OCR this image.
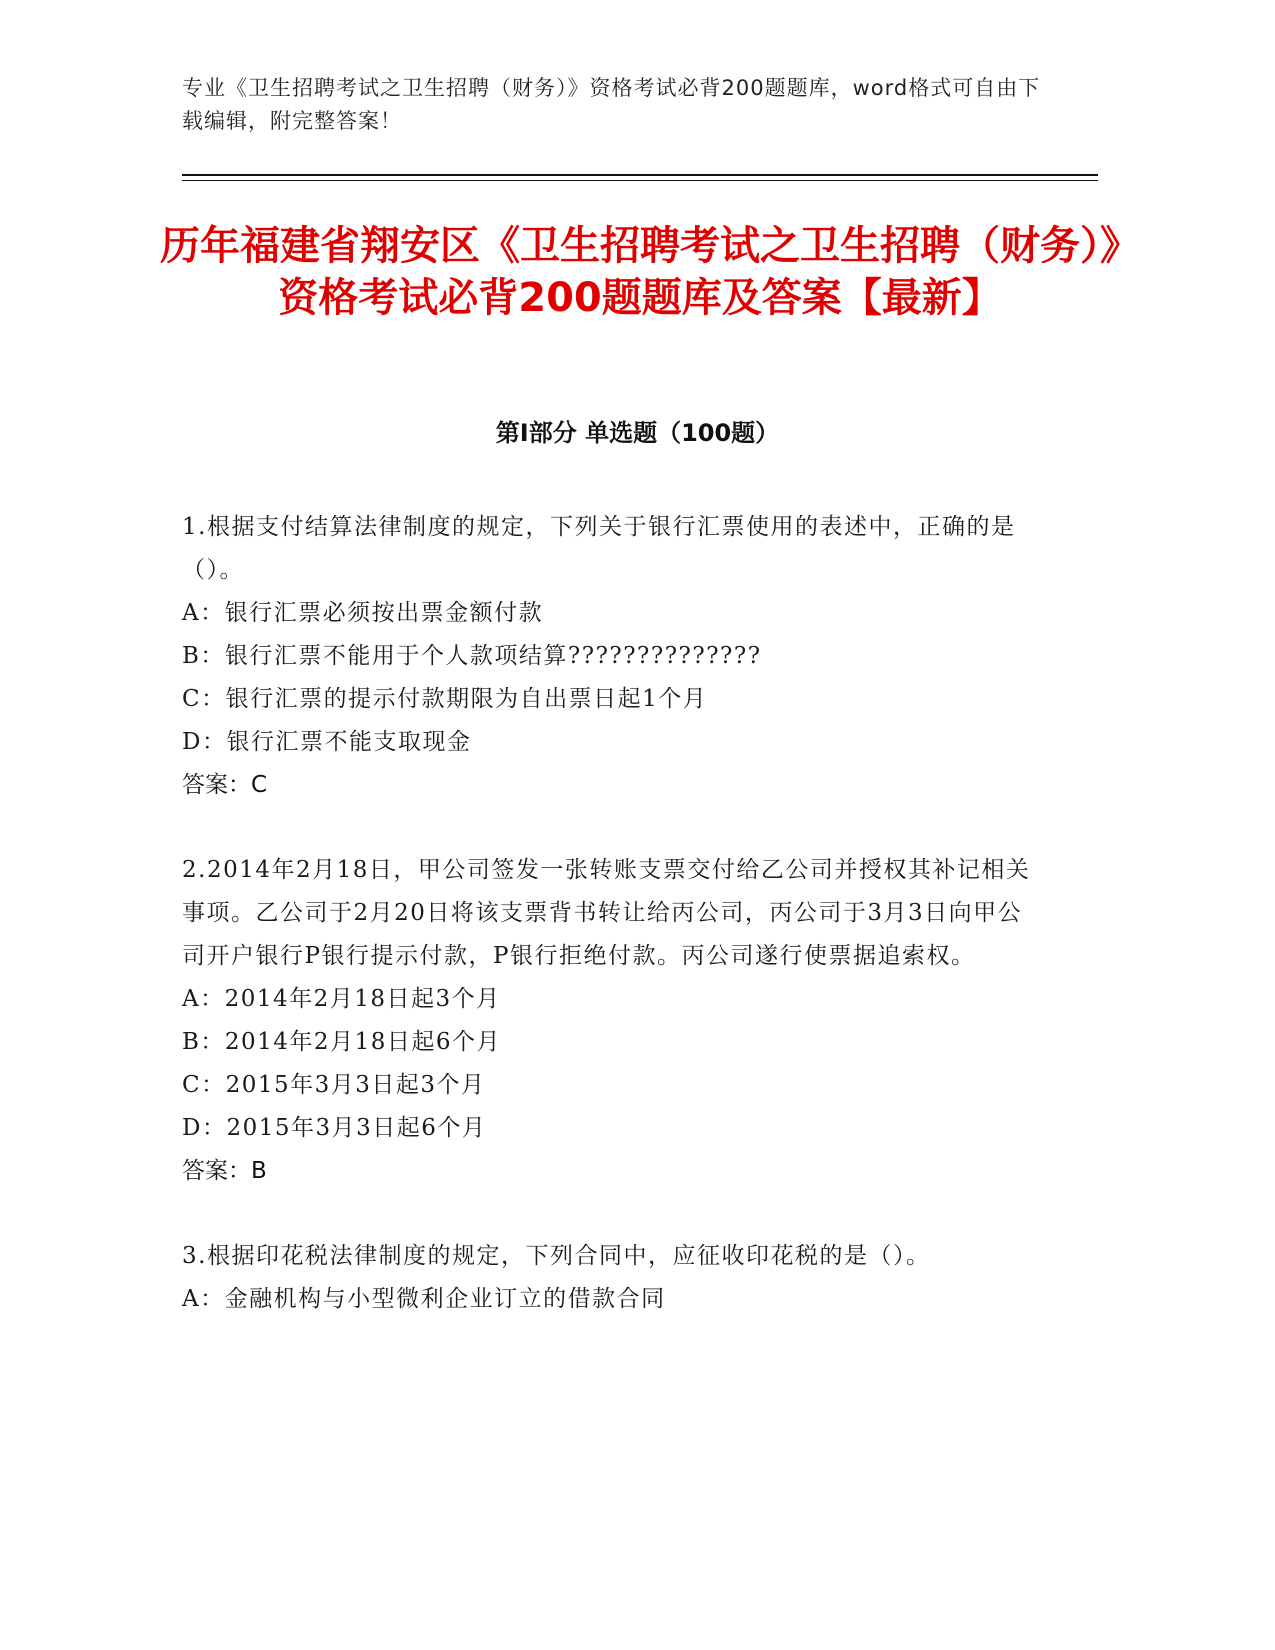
专业《卫生招聘考试之卫生招聘（财务）》资格考试必背200题题库，word格式可自由下载编辑，附完整答案！
历年福建省翔安区《卫生招聘考试之卫生招聘（财务）》资格考试必背200题题库及答案【最新】
第Ⅰ部分 单选题（100题）
1.根据支付结算法律制度的规定，下列关于银行汇票使用的表述中，正确的是（）。
A：银行汇票必须按出票金额付款
B：银行汇票不能用于个人款项结算??????????????
C：银行汇票的提示付款期限为自出票日起1个月
D：银行汇票不能支取现金
答案：C
2.2014年2月18日，甲公司签发一张转账支票交付给乙公司并授权其补记相关事项。乙公司于2月20日将该支票背书转让给丙公司，丙公司于3月3日向甲公司开户银行P银行提示付款，P银行拒绝付款。丙公司遂行使票据追索权。
A：2014年2月18日起3个月
B：2014年2月18日起6个月
C：2015年3月3日起3个月
D：2015年3月3日起6个月
答案：B
3.根据印花税法律制度的规定，下列合同中，应征收印花税的是（）。
A：金融机构与小型微利企业订立的借款合同
